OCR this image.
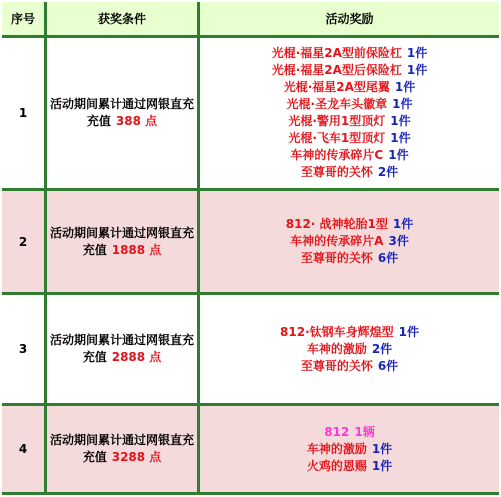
序号	获奖条件	活动奖励
1
活动期间累计通过网银直充
充值 388 点
光棍·福星2A型前保险杠 1件
光棍·福星2A型后保险杠 1件
光棍·福星2A型尾翼 1件
光棍·圣龙车头徽章 1件
光棍·警用1型顶灯 1件
光棍·飞车1型顶灯 1件
车神的传承碎片C 1件
至尊哥的关怀 2件
2
活动期间累计通过网银直充
充值 1888 点
812· 战神轮胎1型 1件
车神的传承碎片A 3件
至尊哥的关怀 6件
3
活动期间累计通过网银直充
充值 2888 点
812·钛钢车身辉煌型 1件
车神的激励 2件
至尊哥的关怀 6件
4
活动期间累计通过网银直充
充值 3288 点
812 1辆
车神的激励 1件
火鸡的恩赐 1件
